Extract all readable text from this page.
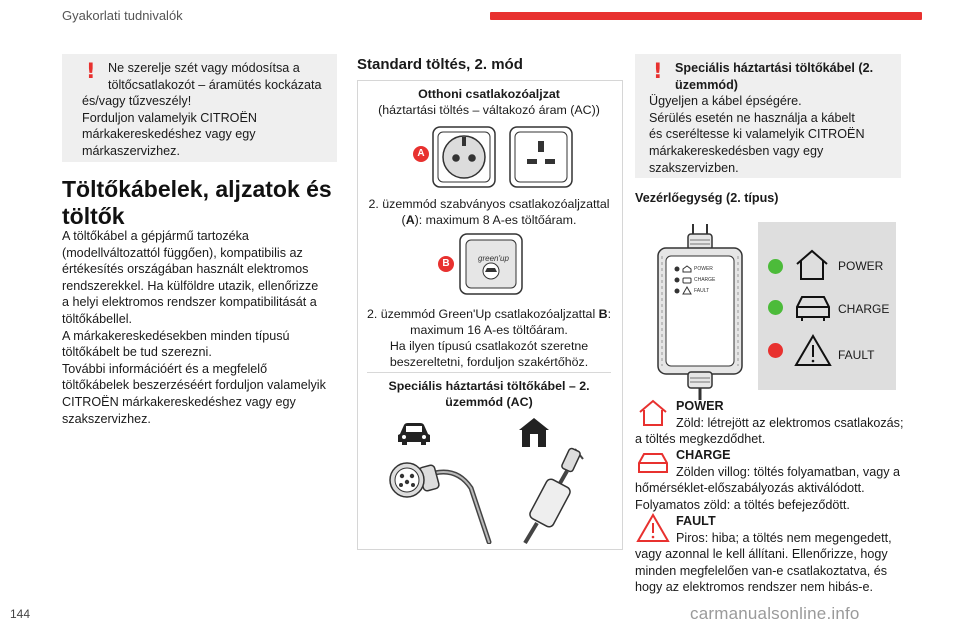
Gyakorlati tudnivalók
! Ne szerelje szét vagy módosítsa a
töltőcsatlakozót – áramütés kockázata
és/vagy tűzveszély!
Forduljon valamelyik CITROËN
márkakereskedéshez vagy egy
márkaszervizhez.
Töltőkábelek, aljzatok és
töltők
A töltőkábel a gépjármű tartozéka
(modellváltozattól függően), kompatibilis az
értékesítés országában használt elektromos
rendszerekkel. Ha külföldre utazik, ellenőrizze
a helyi elektromos rendszer kompatibilitását a
töltőkábellel.
A márkakereskedésekben minden típusú
töltőkábelt be tud szerezni.
További információért és a megfelelő
töltőkábelek beszerzéséért forduljon valamelyik
CITROËN márkakereskedéshez vagy egy
szakszervizhez.
Standard töltés, 2. mód
Otthoni csatlakozóaljzat
(háztartási töltés – váltakozó áram (AC))
A
2. üzemmód szabványos csatlakozóaljzattal
(A): maximum 8 A-es töltőáram.
B	green'up
2. üzemmód Green'Up csatlakozóaljzattal B:
maximum 16 A-es töltőáram.
Ha ilyen típusú csatlakozót szeretne
beszereltetni, forduljon szakértőhöz.
Speciális háztartási töltőkábel – 2.
üzemmód (AC)
! Speciális háztartási töltőkábel (2.
üzemmód)
Ügyeljen a kábel épségére.
Sérülés esetén ne használja a kábelt
és cseréltesse ki valamelyik CITROËN
márkakereskedésben vagy egy
szakszervizben.
Vezérlőegység (2. típus)
POWER
CHARGE
FAULT
POWER
CHARGE
FAULT
POWER
Zöld: létrejött az elektromos csatlakozás;
a töltés megkezdődhet.
CHARGE
Zölden villog: töltés folyamatban, vagy a
hőmérséklet-előszabályozás aktiválódott.
Folyamatos zöld: a töltés befejeződött.
FAULT
Piros: hiba; a töltés nem megengedett,
vagy azonnal le kell állítani. Ellenőrizze, hogy
minden megfelelően van-e csatlakoztatva, és
hogy az elektromos rendszer nem hibás-e.
144	carmanualsonline.info
